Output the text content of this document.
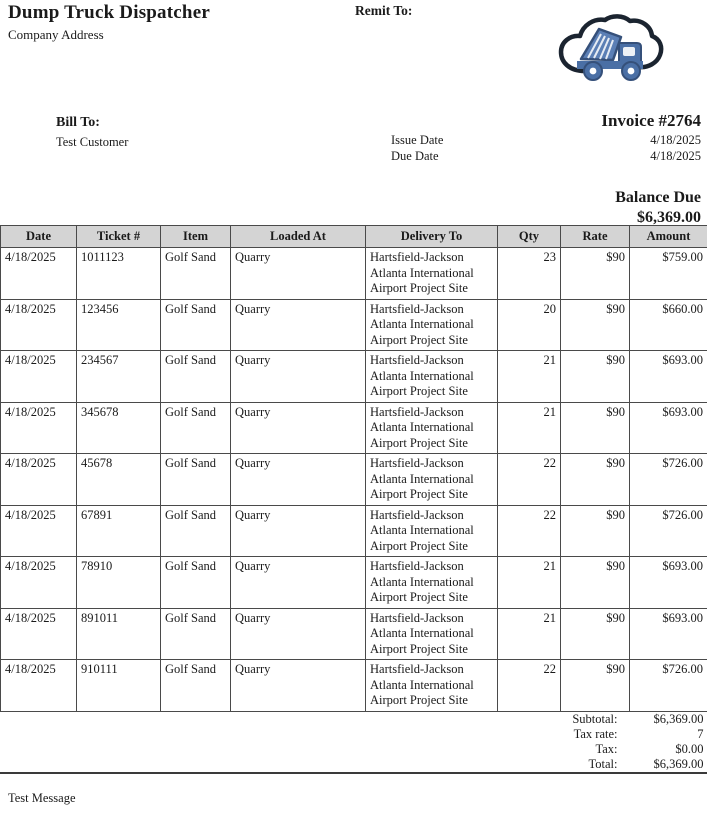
Dump Truck Dispatcher
Company Address
Remit To:
Bill To:
Test Customer
Invoice #2764
Issue Date	4/18/2025
Due Date	4/18/2025
Balance Due
$6,369.00
Date	Ticket #	Item	Loaded At	Delivery To	Qty	Rate	Amount
4/18/2025	1011123	Golf Sand	Quarry	Hartsfield-Jackson Atlanta International Airport Project Site	23	$90	$759.00
4/18/2025	123456	Golf Sand	Quarry	Hartsfield-Jackson Atlanta International Airport Project Site	20	$90	$660.00
4/18/2025	234567	Golf Sand	Quarry	Hartsfield-Jackson Atlanta International Airport Project Site	21	$90	$693.00
4/18/2025	345678	Golf Sand	Quarry	Hartsfield-Jackson Atlanta International Airport Project Site	21	$90	$693.00
4/18/2025	45678	Golf Sand	Quarry	Hartsfield-Jackson Atlanta International Airport Project Site	22	$90	$726.00
4/18/2025	67891	Golf Sand	Quarry	Hartsfield-Jackson Atlanta International Airport Project Site	22	$90	$726.00
4/18/2025	78910	Golf Sand	Quarry	Hartsfield-Jackson Atlanta International Airport Project Site	21	$90	$693.00
4/18/2025	891011	Golf Sand	Quarry	Hartsfield-Jackson Atlanta International Airport Project Site	21	$90	$693.00
4/18/2025	910111	Golf Sand	Quarry	Hartsfield-Jackson Atlanta International Airport Project Site	22	$90	$726.00

	Subtotal:	$6,369.00
	Tax rate:	7
	Tax:	$0.00
	Total:	$6,369.00
Test Message
